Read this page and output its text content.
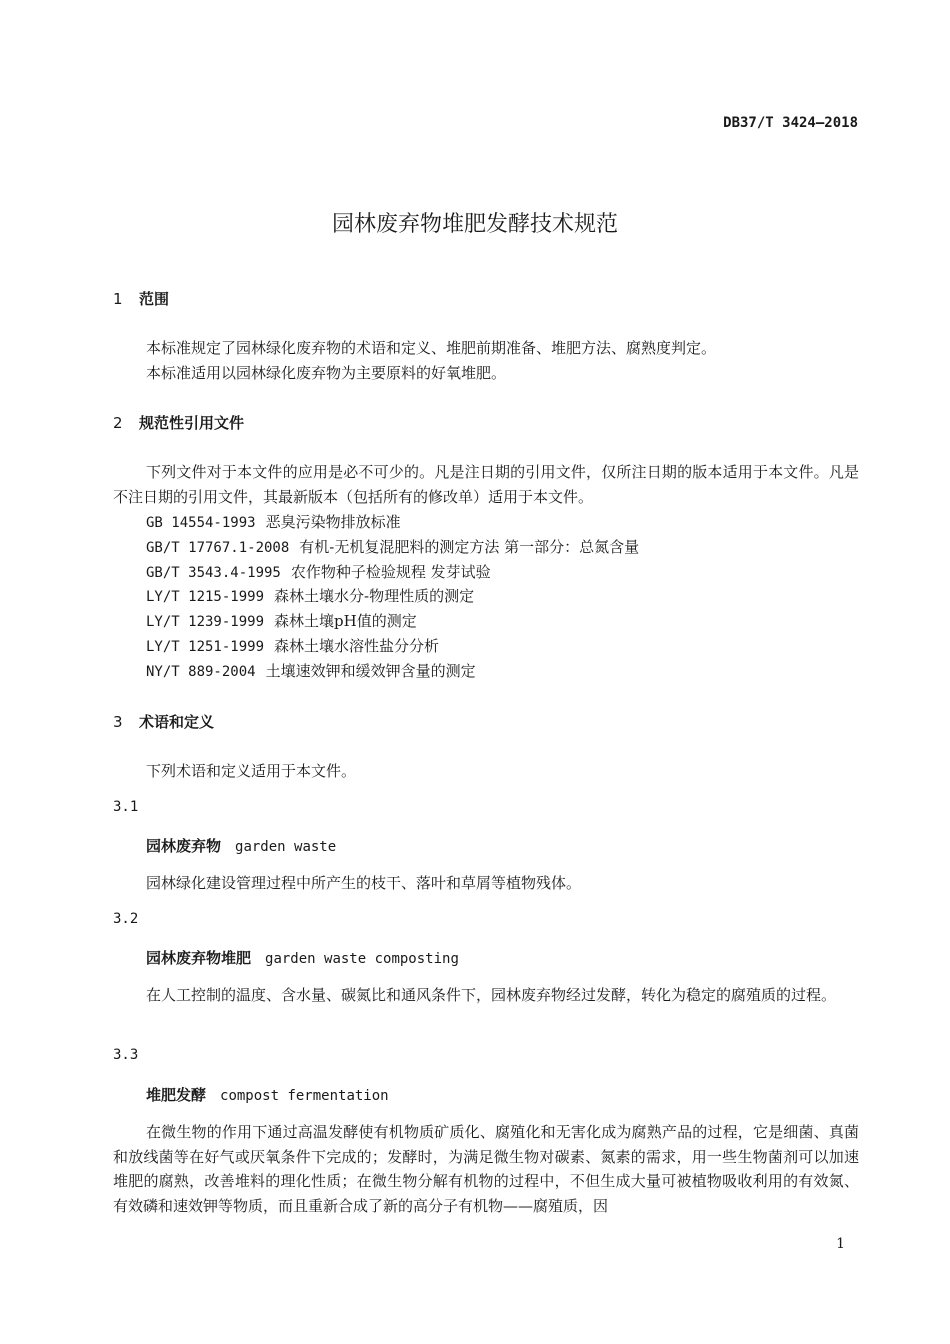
DB37/T 3424—2018
园林废弃物堆肥发酵技术规范
1 范围
本标准规定了园林绿化废弃物的术语和定义、堆肥前期准备、堆肥方法、腐熟度判定。
本标准适用以园林绿化废弃物为主要原料的好氧堆肥。
2 规范性引用文件
下列文件对于本文件的应用是必不可少的。凡是注日期的引用文件，仅所注日期的版本适用于本文件。凡是不注日期的引用文件，其最新版本（包括所有的修改单）适用于本文件。
GB 14554-1993 恶臭污染物排放标准
GB/T 17767.1-2008 有机-无机复混肥料的测定方法 第一部分：总氮含量
GB/T 3543.4-1995 农作物种子检验规程 发芽试验
LY/T 1215-1999 森林土壤水分-物理性质的测定
LY/T 1239-1999 森林土壤pH值的测定
LY/T 1251-1999 森林土壤水溶性盐分分析
NY/T 889-2004 土壤速效钾和缓效钾含量的测定
3 术语和定义
下列术语和定义适用于本文件。
3.1
园林废弃物 garden waste
园林绿化建设管理过程中所产生的枝干、落叶和草屑等植物残体。
3.2
园林废弃物堆肥 garden waste composting
在人工控制的温度、含水量、碳氮比和通风条件下，园林废弃物经过发酵，转化为稳定的腐殖质的过程。
3.3
堆肥发酵 compost fermentation
在微生物的作用下通过高温发酵使有机物质矿质化、腐殖化和无害化成为腐熟产品的过程，它是细菌、真菌和放线菌等在好气或厌氧条件下完成的；发酵时，为满足微生物对碳素、氮素的需求，用一些生物菌剂可以加速堆肥的腐熟，改善堆料的理化性质；在微生物分解有机物的过程中，不但生成大量可被植物吸收利用的有效氮、有效磷和速效钾等物质，而且重新合成了新的高分子有机物——腐殖质，因
1
